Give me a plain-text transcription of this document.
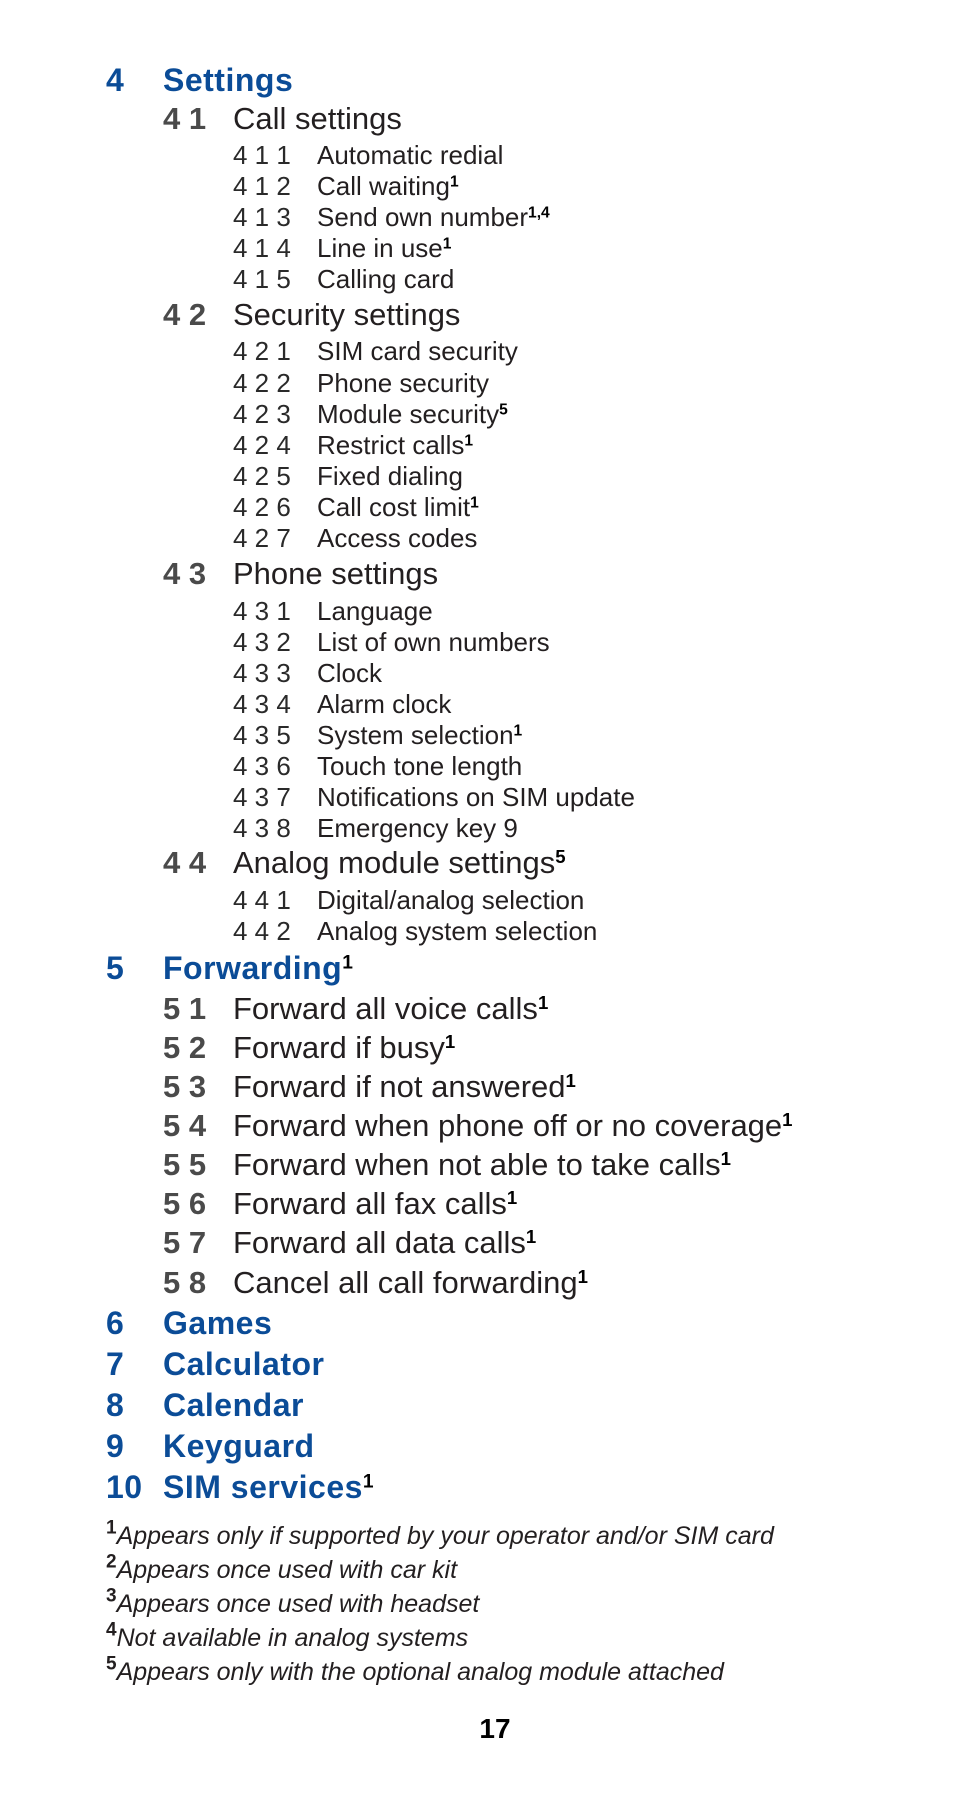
4 Settings
4 1 Call settings
4 1 1 Automatic redial
4 1 2 Call waiting$^1$
4 1 3 Send own number$^{1,4}$
4 1 4 Line in use$^1$
4 1 5 Calling card
4 2 Security settings
4 2 1 SIM card security
4 2 2 Phone security
4 2 3 Module security$^5$
4 2 4 Restrict calls$^1$
4 2 5 Fixed dialing
4 2 6 Call cost limit$^1$
4 2 7 Access codes
4 3 Phone settings
4 3 1 Language
4 3 2 List of own numbers
4 3 3 Clock
4 3 4 Alarm clock
4 3 5 System selection$^1$
4 3 6 Touch tone length
4 3 7 Notifications on SIM update
4 3 8 Emergency key 9
4 4 Analog module settings$^5$
4 4 1 Digital/analog selection
4 4 2 Analog system selection
5 Forwarding$^1$
5 1 Forward all voice calls$^1$
5 2 Forward if busy$^1$
5 3 Forward if not answered$^1$
5 4 Forward when phone off or no coverage$^1$
5 5 Forward when not able to take calls$^1$
5 6 Forward all fax calls$^1$
5 7 Forward all data calls$^1$
5 8 Cancel all call forwarding$^1$
6 Games
7 Calculator
8 Calendar
9 Keyguard
10 SIM services$^1$
$^1$Appears only if supported by your operator and/or SIM card
$^2$Appears once used with car kit
$^3$Appears once used with headset
$^4$Not available in analog systems
$^5$Appears only with the optional analog module attached
17
